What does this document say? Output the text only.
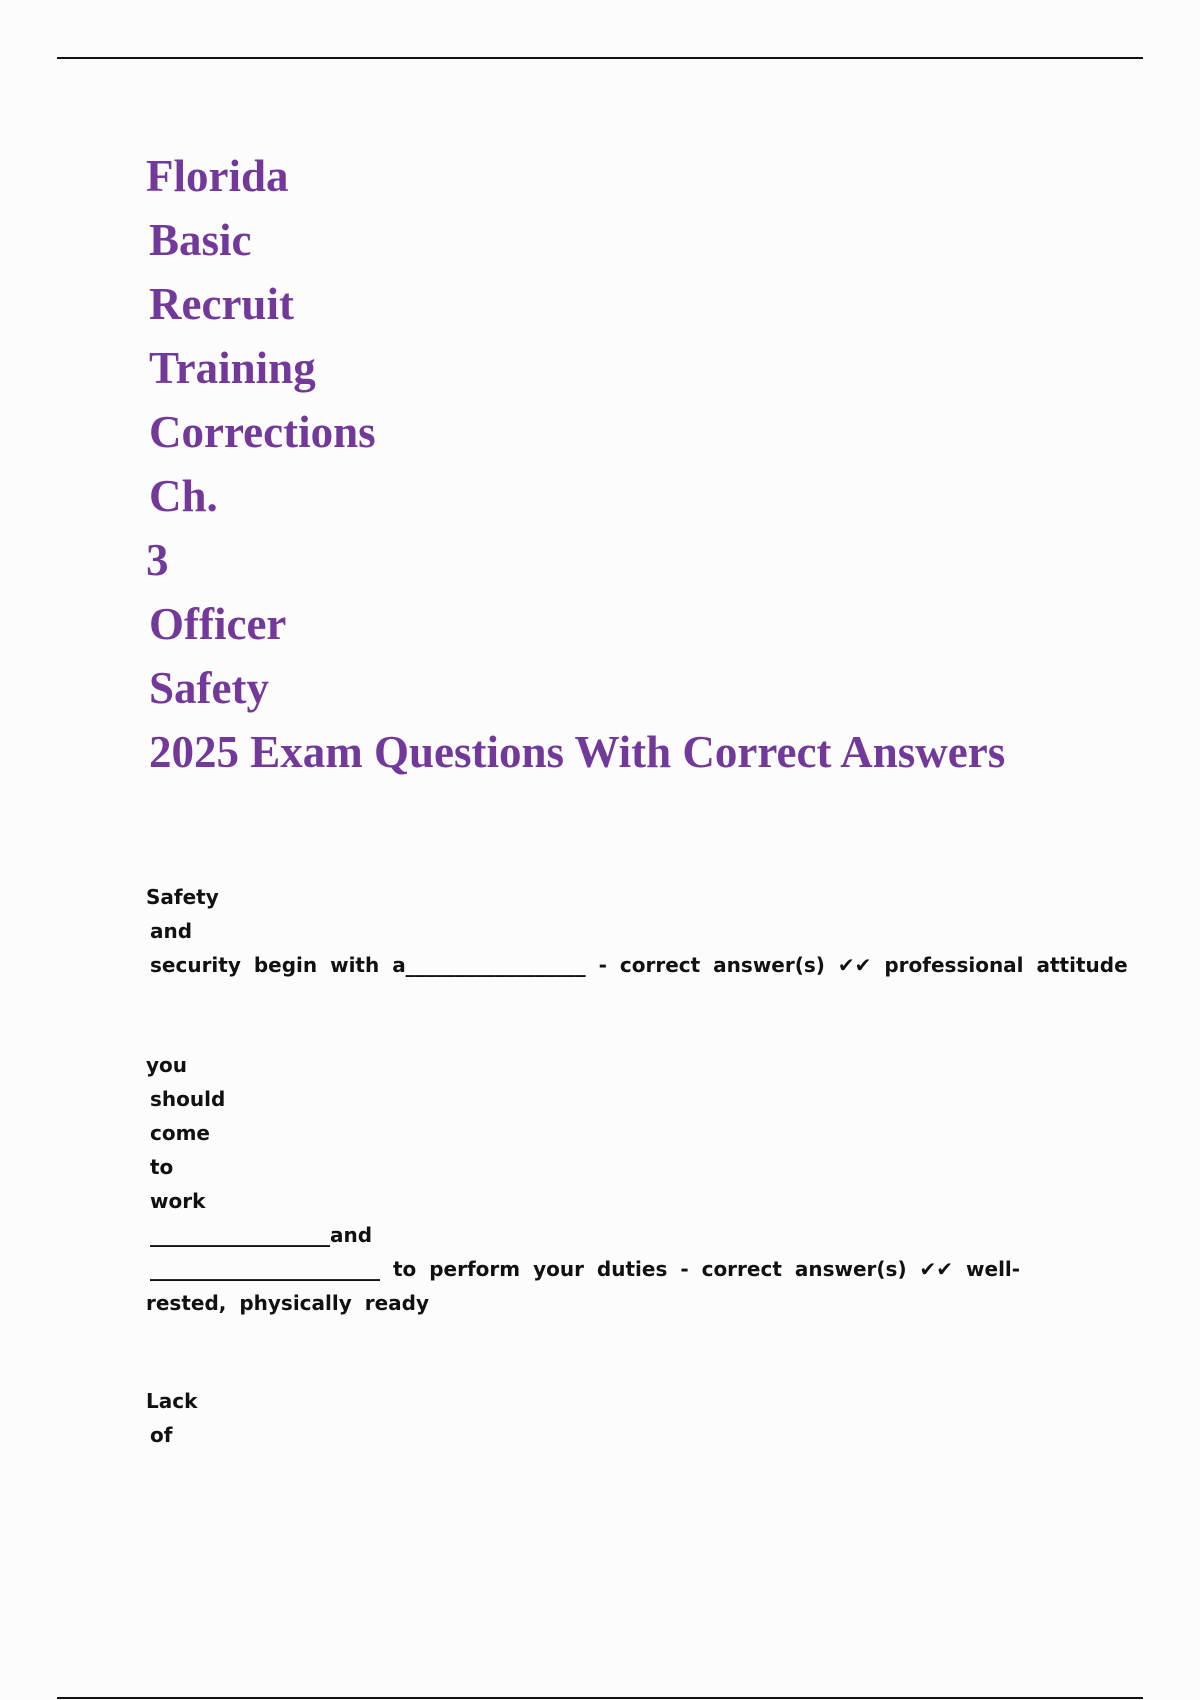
Florida
Basic
Recruit
Training
Corrections
Ch.
3
Officer
Safety
2025 Exam Questions With Correct Answers
Safety
and
security begin with a__________________ - correct answer(s) ✔✔ professional attitude
you
should
come
to
work
__________________and
_______________________ to perform your duties - correct answer(s) ✔✔ well-
rested, physically ready
Lack
of
